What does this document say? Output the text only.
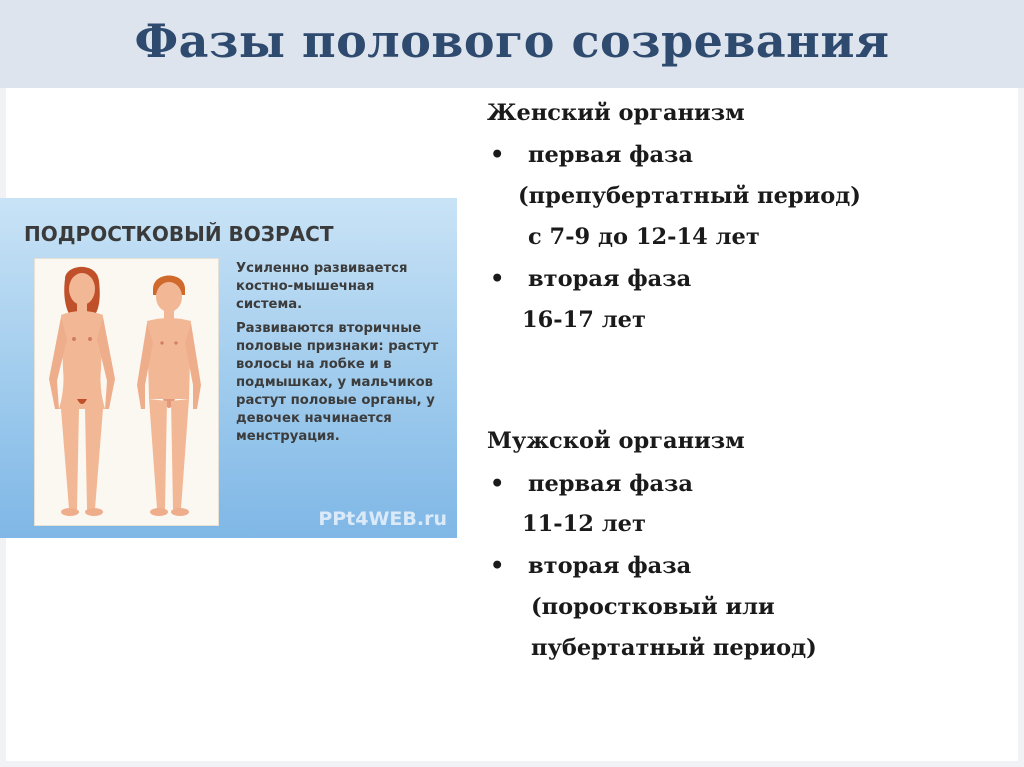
Фазы полового созревания
ПОДРОСТКОВЫЙ ВОЗРАСТ

Усиленно развивается костно-мышечная система.

Развиваются вторичные половые признаки: растут волосы на лобке и в подмышках, у мальчиков растут половые органы, у девочек начинается менструация.

PPt4WEB.ru
Женский организм
• первая фаза
(препубертатный период)
с 7-9 до 12-14 лет
• вторая фаза
16-17 лет
Мужской организм
• первая фаза
11-12 лет
• вторая фаза
(поростковый или
пубертатный период)
